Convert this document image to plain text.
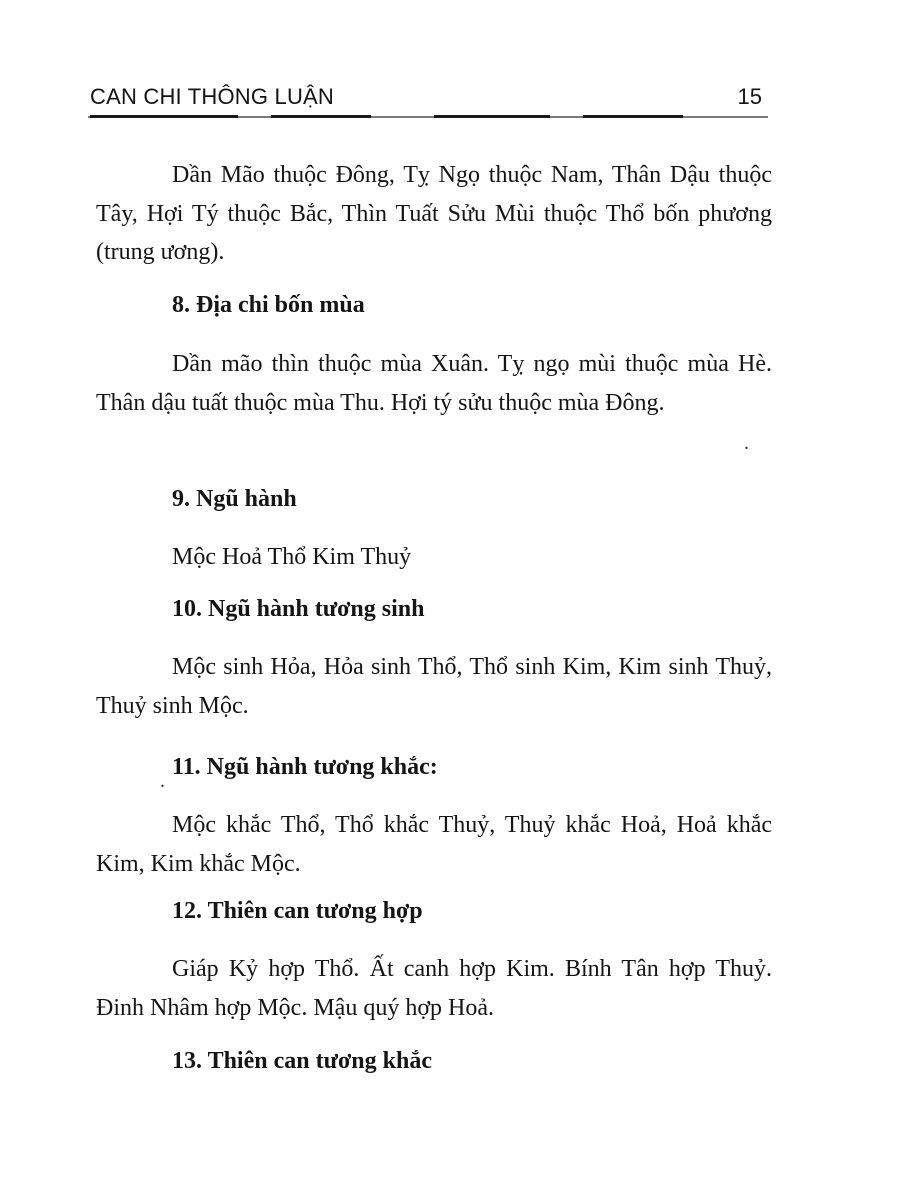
CAN CHI THÔNG LUẬN	15

Dần Mão thuộc Đông, Tỵ Ngọ thuộc Nam, Thân Dậu thuộc Tây, Hợi Tý thuộc Bắc, Thìn Tuất Sửu Mùi thuộc Thổ bốn phương (trung ương).

8. Địa chi bốn mùa

Dần mão thìn thuộc mùa Xuân. Tỵ ngọ mùi thuộc mùa Hè. Thân dậu tuất thuộc mùa Thu. Hợi tý sửu thuộc mùa Đông.

9. Ngũ hành

Mộc Hoả Thổ Kim Thuỷ

10. Ngũ hành tương sinh

Mộc sinh Hỏa, Hỏa sinh Thổ, Thổ sinh Kim, Kim sinh Thuỷ, Thuỷ sinh Mộc.

11. Ngũ hành tương khắc:

Mộc khắc Thổ, Thổ khắc Thuỷ, Thuỷ khắc Hoả, Hoả khắc Kim, Kim khắc Mộc.

12. Thiên can tương hợp

Giáp Kỷ hợp Thổ. Ất canh hợp Kim. Bính Tân hợp Thuỷ. Đinh Nhâm hợp Mộc. Mậu quý hợp Hoả.

13. Thiên can tương khắc
.
.
